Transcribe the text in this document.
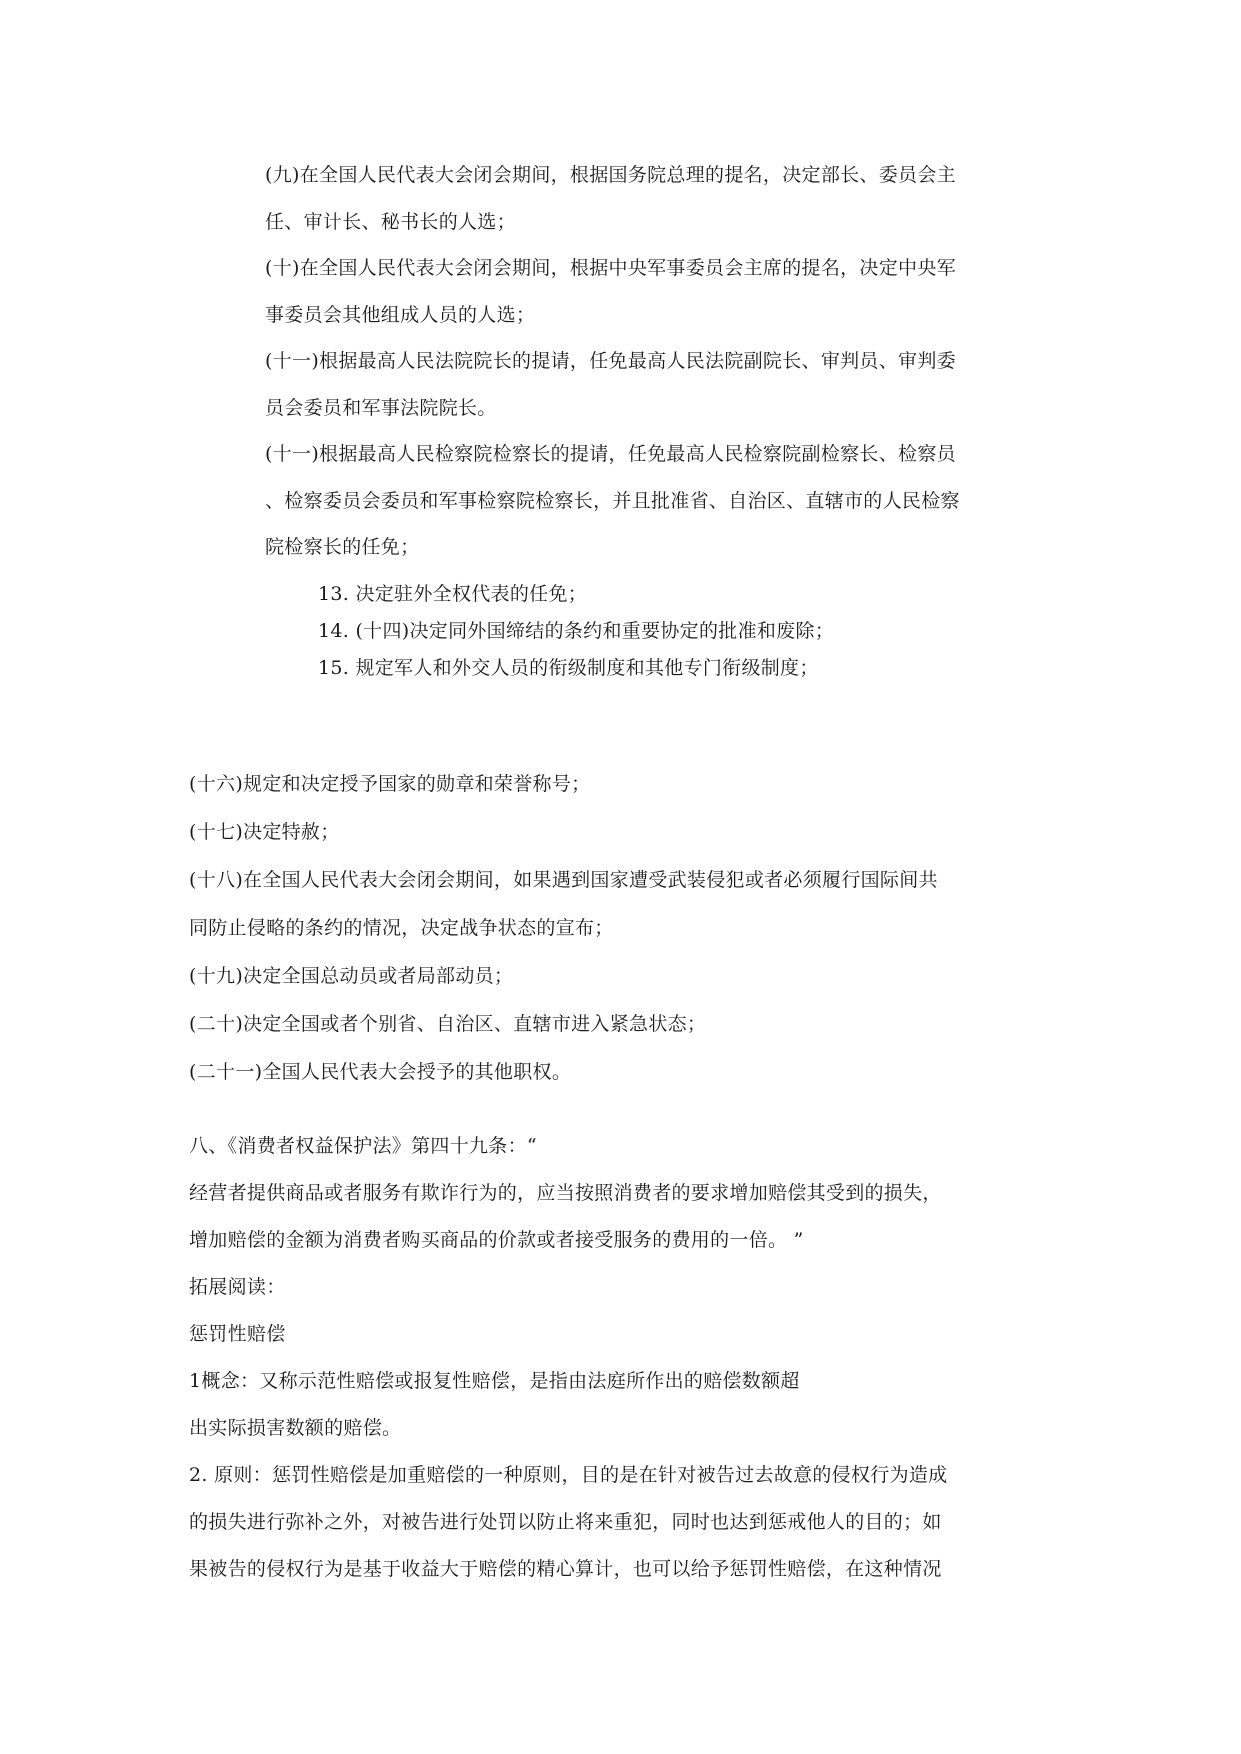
(九)在全国人民代表大会闭会期间，根据国务院总理的提名，决定部长、委员会主
任、审计长、秘书长的人选；
(十)在全国人民代表大会闭会期间，根据中央军事委员会主席的提名，决定中央军
事委员会其他组成人员的人选；
(十一)根据最高人民法院院长的提请，任免最高人民法院副院长、审判员、审判委
员会委员和军事法院院长。
(十一)根据最高人民检察院检察长的提请，任免最高人民检察院副检察长、检察员
、检察委员会委员和军事检察院检察长，并且批准省、自治区、直辖市的人民检察
院检察长的任免；
13. 决定驻外全权代表的任免；
14. (十四)决定同外国缔结的条约和重要协定的批准和废除；
15. 规定军人和外交人员的衔级制度和其他专门衔级制度；
(十六)规定和决定授予国家的勋章和荣誉称号；
(十七)决定特赦；
(十八)在全国人民代表大会闭会期间，如果遇到国家遭受武装侵犯或者必须履行国际间共
同防止侵略的条约的情况，决定战争状态的宣布；
(十九)决定全国总动员或者局部动员；
(二十)决定全国或者个别省、自治区、直辖市进入紧急状态；
(二十一)全国人民代表大会授予的其他职权。
八、《消费者权益保护法》第四十九条：“
经营者提供商品或者服务有欺诈行为的，应当按照消费者的要求增加赔偿其受到的损失，
增加赔偿的金额为消费者购买商品的价款或者接受服务的费用的一倍。 ”
拓展阅读：
惩罚性赔偿
1概念：又称示范性赔偿或报复性赔偿，是指由法庭所作出的赔偿数额超
出实际损害数额的赔偿。
2. 原则：惩罚性赔偿是加重赔偿的一种原则，目的是在针对被告过去故意的侵权行为造成
的损失进行弥补之外，对被告进行处罚以防止将来重犯，同时也达到惩戒他人的目的；如
果被告的侵权行为是基于收益大于赔偿的精心算计，也可以给予惩罚性赔偿，在这种情况
